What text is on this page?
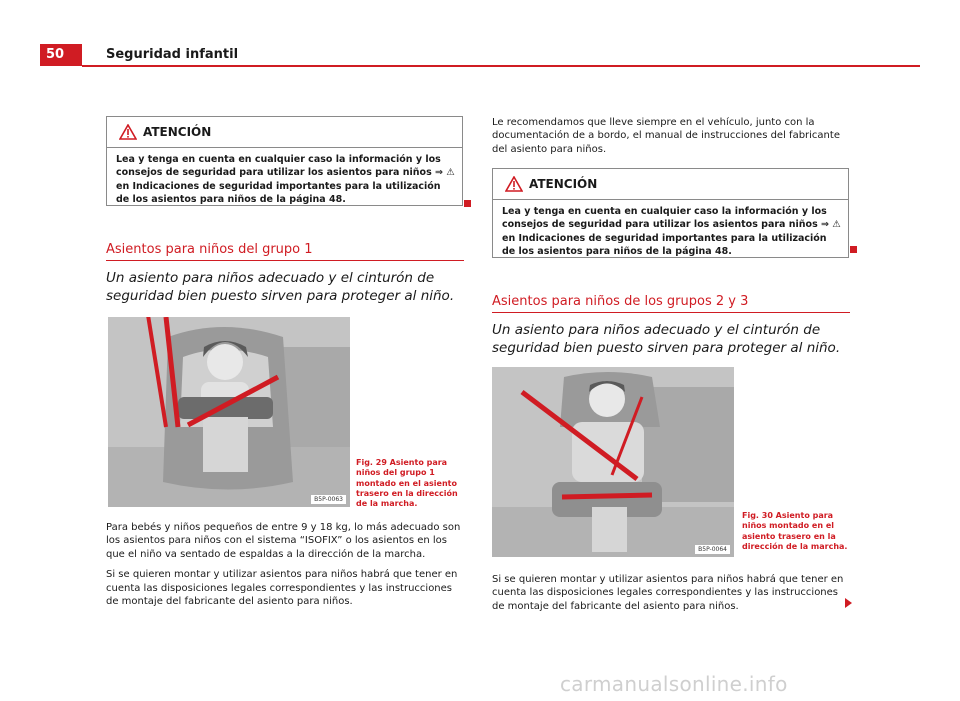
50	Seguridad infantil
ATENCIÓN
Lea y tenga en cuenta en cualquier caso la información y los consejos de seguridad para utilizar los asientos para niños ⇒ ⚠ en Indicaciones de seguridad importantes para la utilización de los asientos para niños de la página 48.
Asientos para niños del grupo 1
Un asiento para niños adecuado y el cinturón de seguridad bien puesto sirven para proteger al niño.
B5P-0063
Fig. 29 Asiento para niños del grupo 1 montado en el asiento trasero en la dirección de la marcha.

Para bebés y niños pequeños de entre 9 y 18 kg, lo más adecuado son los asientos para niños con el sistema “ISOFIX” o los asientos en los que el niño va sentado de espaldas a la dirección de la marcha.

Si se quieren montar y utilizar asientos para niños habrá que tener en cuenta las disposiciones legales correspondientes y las instrucciones de montaje del fabricante del asiento para niños.

Le recomendamos que lleve siempre en el vehículo, junto con la documentación de a bordo, el manual de instrucciones del fabricante del asiento para niños.
ATENCIÓN
Lea y tenga en cuenta en cualquier caso la información y los consejos de seguridad para utilizar los asientos para niños ⇒ ⚠ en Indicaciones de seguridad importantes para la utilización de los asientos para niños de la página 48.
Asientos para niños de los grupos 2 y 3
Un asiento para niños adecuado y el cinturón de seguridad bien puesto sirven para proteger al niño.
B5P-0064
Fig. 30 Asiento para niños montado en el asiento trasero en la dirección de la marcha.

Si se quieren montar y utilizar asientos para niños habrá que tener en cuenta las disposiciones legales correspondientes y las instrucciones de montaje del fabricante del asiento para niños.

carmanualsonline.info
